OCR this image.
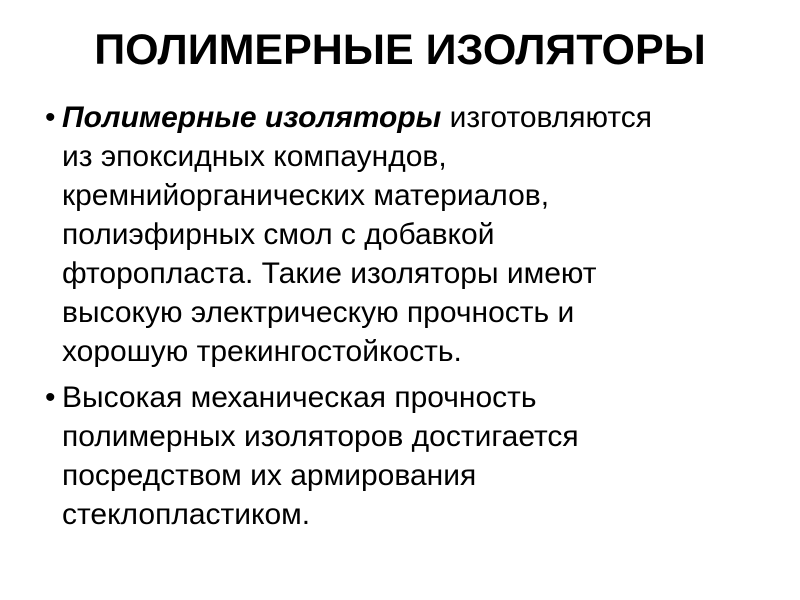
ПОЛИМЕРНЫЕ ИЗОЛЯТОРЫ
• Полимерные изоляторы изготовляются
из эпоксидных компаундов,
кремнийорганических материалов,
полиэфирных смол с добавкой
фторопласта. Такие изоляторы имеют
высокую электрическую прочность и
хорошую трекингостойкость.
• Высокая механическая прочность
полимерных изоляторов достигается
посредством их армирования
стеклопластиком.
